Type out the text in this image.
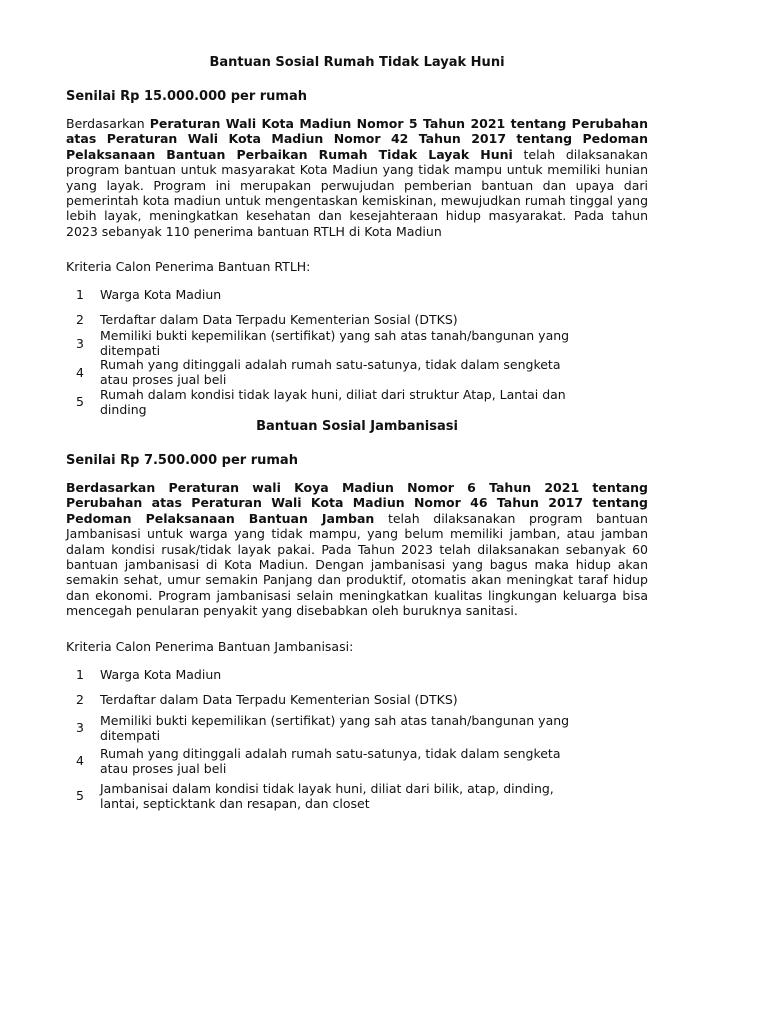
Bantuan Sosial Rumah Tidak Layak Huni

Senilai Rp 15.000.000 per rumah

Berdasarkan Peraturan Wali Kota Madiun Nomor 5 Tahun 2021 tentang Perubahan atas Peraturan Wali Kota Madiun Nomor 42 Tahun 2017 tentang Pedoman Pelaksanaan Bantuan Perbaikan Rumah Tidak Layak Huni telah dilaksanakan program bantuan untuk masyarakat Kota Madiun yang tidak mampu untuk memiliki hunian yang layak. Program ini merupakan perwujudan pemberian bantuan dan upaya dari pemerintah kota madiun untuk mengentaskan kemiskinan, mewujudkan rumah tinggal yang lebih layak, meningkatkan kesehatan dan kesejahteraan hidup masyarakat. Pada tahun 2023 sebanyak 110 penerima bantuan RTLH di Kota Madiun

Kriteria Calon Penerima Bantuan RTLH:

1	Warga Kota Madiun
2	Terdaftar dalam Data Terpadu Kementerian Sosial (DTKS)
3	Memiliki bukti kepemilikan (sertifikat) yang sah atas tanah/bangunan yang ditempati
4	Rumah yang ditinggali adalah rumah satu-satunya, tidak dalam sengketa atau proses jual beli
5	Rumah dalam kondisi tidak layak huni, diliat dari struktur Atap, Lantai dan dinding

Bantuan Sosial Jambanisasi

Senilai Rp 7.500.000 per rumah

Berdasarkan Peraturan wali Koya Madiun Nomor 6 Tahun 2021 tentang Perubahan atas Peraturan Wali Kota Madiun Nomor 46 Tahun 2017 tentang Pedoman Pelaksanaan Bantuan Jamban telah dilaksanakan program bantuan Jambanisasi untuk warga yang tidak mampu, yang belum memiliki jamban, atau jamban dalam kondisi rusak/tidak layak pakai. Pada Tahun 2023 telah dilaksanakan sebanyak 60 bantuan jambanisasi di Kota Madiun. Dengan jambanisasi yang bagus maka hidup akan semakin sehat, umur semakin Panjang dan produktif, otomatis akan meningkat taraf hidup dan ekonomi. Program jambanisasi selain meningkatkan kualitas lingkungan keluarga bisa mencegah penularan penyakit yang disebabkan oleh buruknya sanitasi.

Kriteria Calon Penerima Bantuan Jambanisasi:

1	Warga Kota Madiun
2	Terdaftar dalam Data Terpadu Kementerian Sosial (DTKS)
3	Memiliki bukti kepemilikan (sertifikat) yang sah atas tanah/bangunan yang ditempati
4	Rumah yang ditinggali adalah rumah satu-satunya, tidak dalam sengketa atau proses jual beli
5	Jambanisai dalam kondisi tidak layak huni, diliat dari bilik, atap, dinding, lantai, septicktank dan resapan, dan closet
